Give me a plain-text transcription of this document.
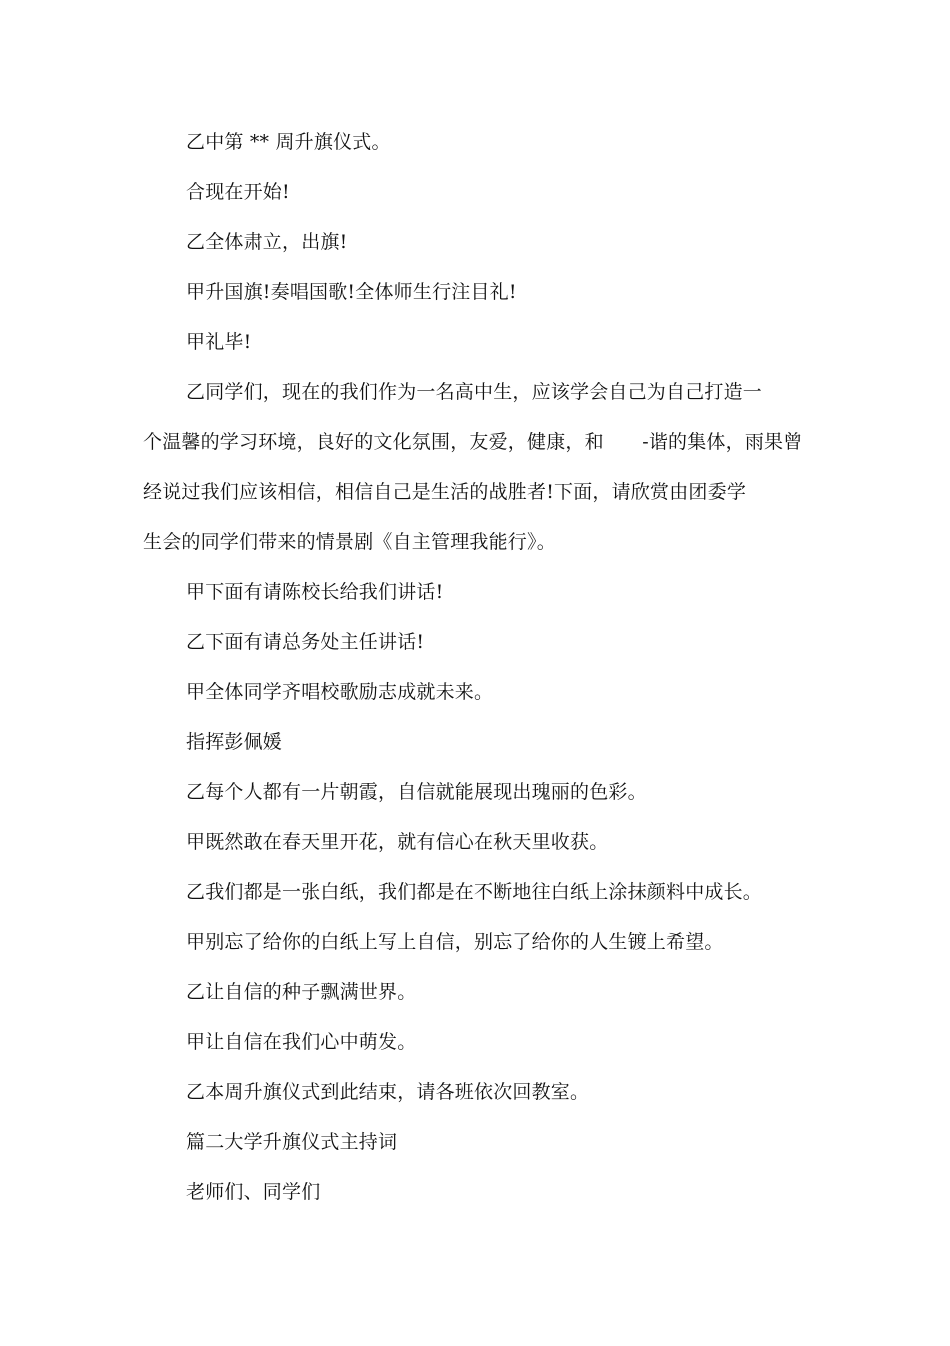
乙中第 ** 周升旗仪式。
合现在开始!
乙全体肃立，出旗!
甲升国旗!奏唱国歌!全体师生行注目礼!
甲礼毕!
乙同学们，现在的我们作为一名高中生，应该学会自己为自己打造一
个温馨的学习环境，良好的文化氛围，友爱，健康，和　　-谐的集体，雨果曾
经说过我们应该相信，相信自己是生活的战胜者!下面，请欣赏由团委学
生会的同学们带来的情景剧《自主管理我能行》。
甲下面有请陈校长给我们讲话!
乙下面有请总务处主任讲话!
甲全体同学齐唱校歌励志成就未来。
指挥彭佩媛
乙每个人都有一片朝霞，自信就能展现出瑰丽的色彩。
甲既然敢在春天里开花，就有信心在秋天里收获。
乙我们都是一张白纸，我们都是在不断地往白纸上涂抹颜料中成长。
甲别忘了给你的白纸上写上自信，别忘了给你的人生镀上希望。
乙让自信的种子飘满世界。
甲让自信在我们心中萌发。
乙本周升旗仪式到此结束，请各班依次回教室。
篇二大学升旗仪式主持词
老师们、同学们
